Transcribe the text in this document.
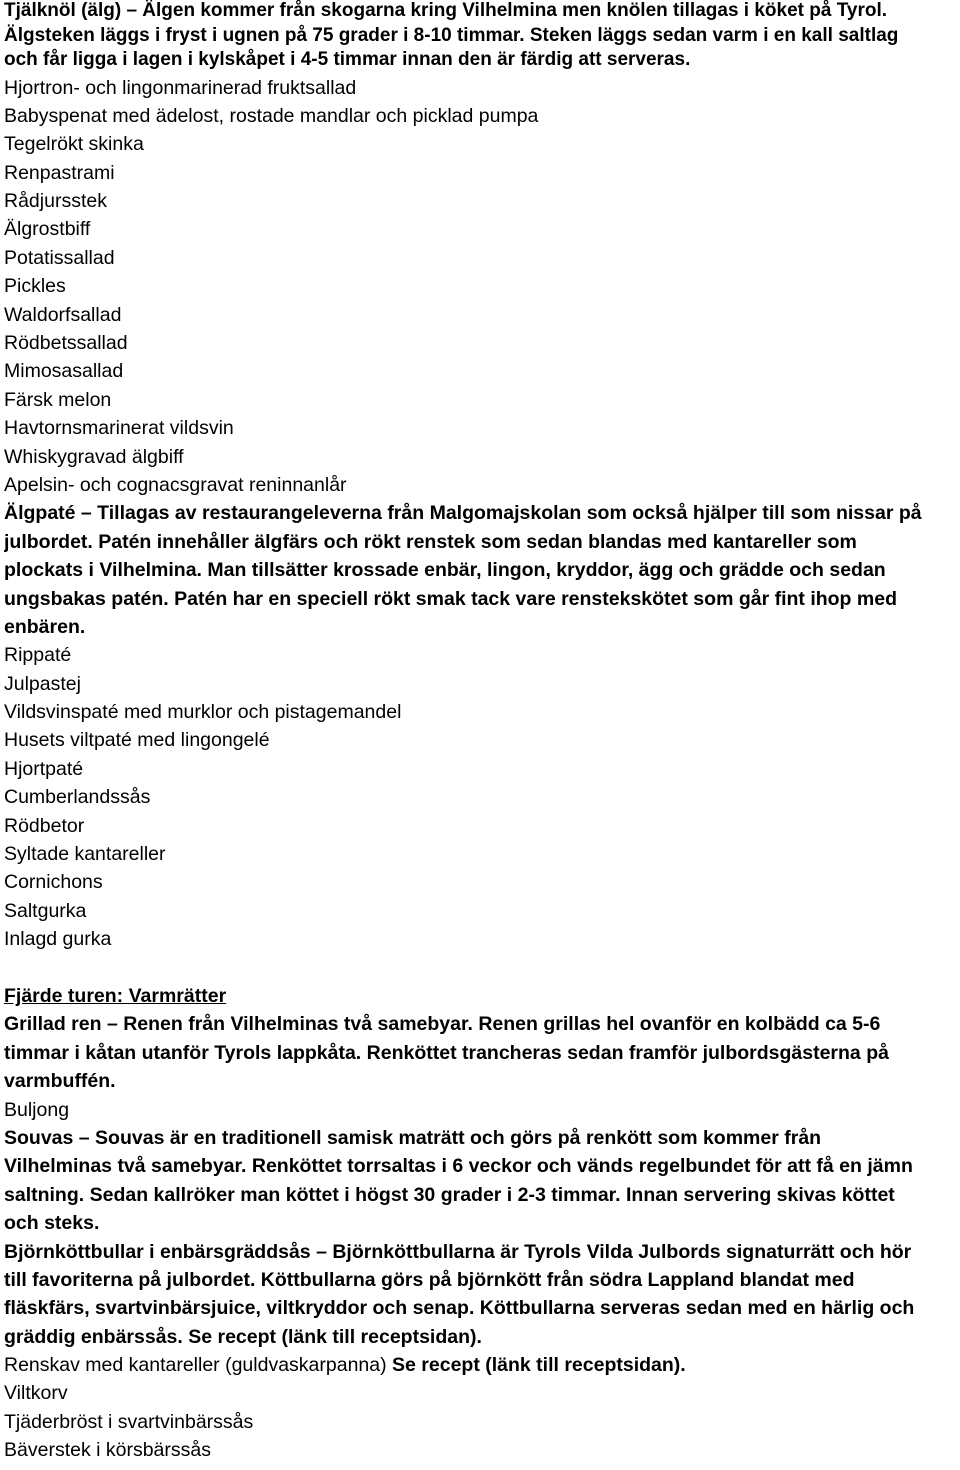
Tjälknöl (älg) – Älgen kommer från skogarna kring Vilhelmina men knölen tillagas i köket på Tyrol.
Älgsteken läggs i fryst i ugnen på 75 grader i 8-10 timmar. Steken läggs sedan varm i en kall saltlag
och får ligga i lagen i kylskåpet i 4-5 timmar innan den är färdig att serveras.
Hjortron- och lingonmarinerad fruktsallad
Babyspenat med ädelost, rostade mandlar och picklad pumpa
Tegelrökt skinka
Renpastrami
Rådjursstek
Älgrostbiff
Potatissallad
Pickles
Waldorfsallad
Rödbetssallad
Mimosasallad
Färsk melon
Havtornsmarinerat vildsvin
Whiskygravad älgbiff
Apelsin- och cognacsgravat reninnanlår
Älgpaté – Tillagas av restaurangeleverna från Malgomajskolan som också hjälper till som nissar på
julbordet. Patén innehåller älgfärs och rökt renstek som sedan blandas med kantareller som
plockats i Vilhelmina. Man tillsätter krossade enbär, lingon, kryddor, ägg och grädde och sedan
ungsbakas patén. Patén har en speciell rökt smak tack vare renstekskötet som går fint ihop med
enbären.
Rippaté
Julpastej
Vildsvinspaté med murklor och pistagemandel
Husets viltpaté med lingongelé
Hjortpaté
Cumberlandssås
Rödbetor
Syltade kantareller
Cornichons
Saltgurka
Inlagd gurka
Fjärde turen: Varmrätter
Grillad ren – Renen från Vilhelminas två samebyar. Renen grillas hel ovanför en kolbädd ca 5-6
timmar i kåtan utanför Tyrols lappkåta. Renköttet trancheras sedan framför julbordsgästerna på
varmbuffén.
Buljong
Souvas – Souvas är en traditionell samisk maträtt och görs på renkött som kommer från
Vilhelminas två samebyar. Renköttet torrsaltas i 6 veckor och vänds regelbundet för att få en jämn
saltning. Sedan kallröker man köttet i högst 30 grader i 2-3 timmar. Innan servering skivas köttet
och steks.
Björnköttbullar i enbärsgräddsås – Björnköttbullarna är Tyrols Vilda Julbords signaturrätt och hör
till favoriterna på julbordet. Köttbullarna görs på björnkött från södra Lappland blandat med
fläskfärs, svartvinbärsjuice, viltkryddor och senap. Köttbullarna serveras sedan med en härlig och
gräddig enbärssås. Se recept (länk till receptsidan).
Renskav med kantareller (guldvaskarpanna) Se recept (länk till receptsidan).
Viltkorv
Tjäderbröst i svartvinbärssås
Bäverstek i körsbärssås
